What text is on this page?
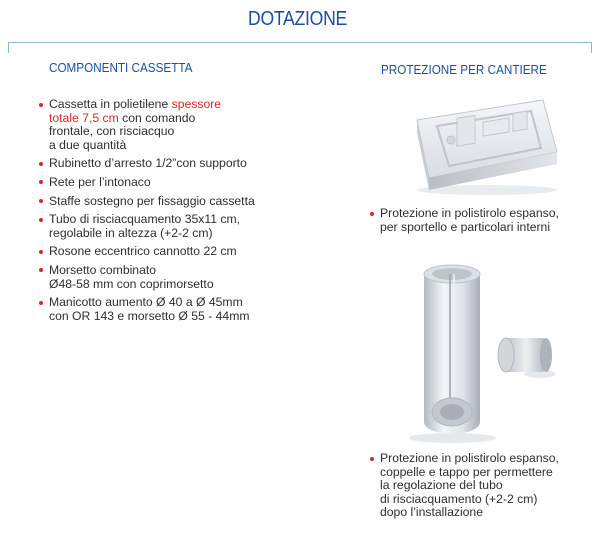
DOTAZIONE
COMPONENTI CASSETTA	PROTEZIONE PER CANTIERE
Cassetta in polietilene spessore
totale 7,5 cm con comando
frontale, con risciacquo
a due quantità
Rubinetto d’arresto 1/2”con supporto
Rete per l’intonaco
Staffe sostegno per fissaggio cassetta
Tubo di risciacquamento 35x11 cm,
regolabile in altezza (+2-2 cm)
Rosone eccentrico cannotto 22 cm
Morsetto combinato
Ø48-58 mm con coprimorsetto
Manicotto aumento Ø 40 a Ø 45mm
con OR 143 e morsetto Ø 55 - 44mm
Protezione in polistirolo espanso,
per sportello e particolari interni
Protezione in polistirolo espanso,
coppelle e tappo per permettere
la regolazione del tubo
di risciacquamento (+2-2 cm)
dopo l’installazione
